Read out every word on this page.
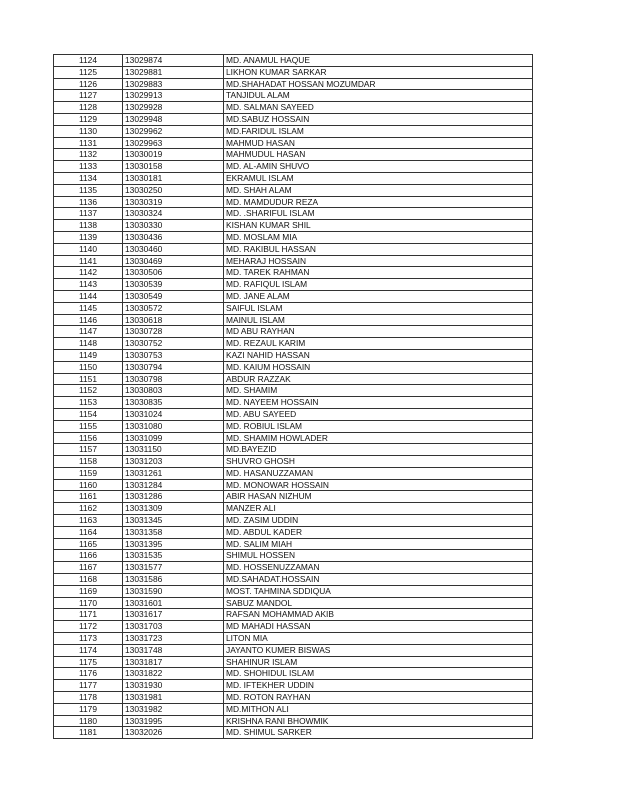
1124	13029874	MD. ANAMUL HAQUE
1125	13029881	LIKHON KUMAR SARKAR
1126	13029883	MD.SHAHADAT HOSSAN MOZUMDAR
1127	13029913	TANJIDUL ALAM
1128	13029928	MD. SALMAN SAYEED
1129	13029948	MD.SABUZ HOSSAIN
1130	13029962	MD.FARIDUL ISLAM
1131	13029963	MAHMUD HASAN
1132	13030019	MAHMUDUL HASAN
1133	13030158	MD. AL-AMIN SHUVO
1134	13030181	EKRAMUL ISLAM
1135	13030250	MD. SHAH ALAM
1136	13030319	MD. MAMDUDUR REZA
1137	13030324	MD. .SHARIFUL ISLAM
1138	13030330	KISHAN KUMAR SHIL
1139	13030436	MD. MOSLAM MIA
1140	13030460	MD. RAKIBUL HASSAN
1141	13030469	MEHARAJ HOSSAIN
1142	13030506	MD. TAREK RAHMAN
1143	13030539	MD. RAFIQUL ISLAM
1144	13030549	MD. JANE ALAM
1145	13030572	SAIFUL ISLAM
1146	13030618	MAINUL ISLAM
1147	13030728	MD ABU RAYHAN
1148	13030752	MD. REZAUL KARIM
1149	13030753	KAZI NAHID HASSAN
1150	13030794	MD. KAIUM HOSSAIN
1151	13030798	ABDUR RAZZAK
1152	13030803	MD. SHAMIM
1153	13030835	MD. NAYEEM HOSSAIN
1154	13031024	MD. ABU SAYEED
1155	13031080	MD. ROBIUL ISLAM
1156	13031099	MD. SHAMIM HOWLADER
1157	13031150	MD.BAYEZID
1158	13031203	SHUVRO GHOSH
1159	13031261	MD. HASANUZZAMAN
1160	13031284	MD. MONOWAR HOSSAIN
1161	13031286	ABIR HASAN NIZHUM
1162	13031309	MANZER ALI
1163	13031345	MD. ZASIM UDDIN
1164	13031358	MD. ABDUL KADER
1165	13031395	MD. SALIM MIAH
1166	13031535	SHIMUL HOSSEN
1167	13031577	MD. HOSSENUZZAMAN
1168	13031586	MD.SAHADAT.HOSSAIN
1169	13031590	MOST. TAHMINA SDDIQUA
1170	13031601	SABUZ MANDOL
1171	13031617	RAFSAN MOHAMMAD AKIB
1172	13031703	MD MAHADI HASSAN
1173	13031723	LITON MIA
1174	13031748	JAYANTO KUMER BISWAS
1175	13031817	SHAHINUR ISLAM
1176	13031822	MD. SHOHIDUL ISLAM
1177	13031930	MD. IFTEKHER UDDIN
1178	13031981	MD. ROTON RAYHAN
1179	13031982	MD.MITHON ALI
1180	13031995	KRISHNA RANI BHOWMIK
1181	13032026	MD. SHIMUL SARKER
